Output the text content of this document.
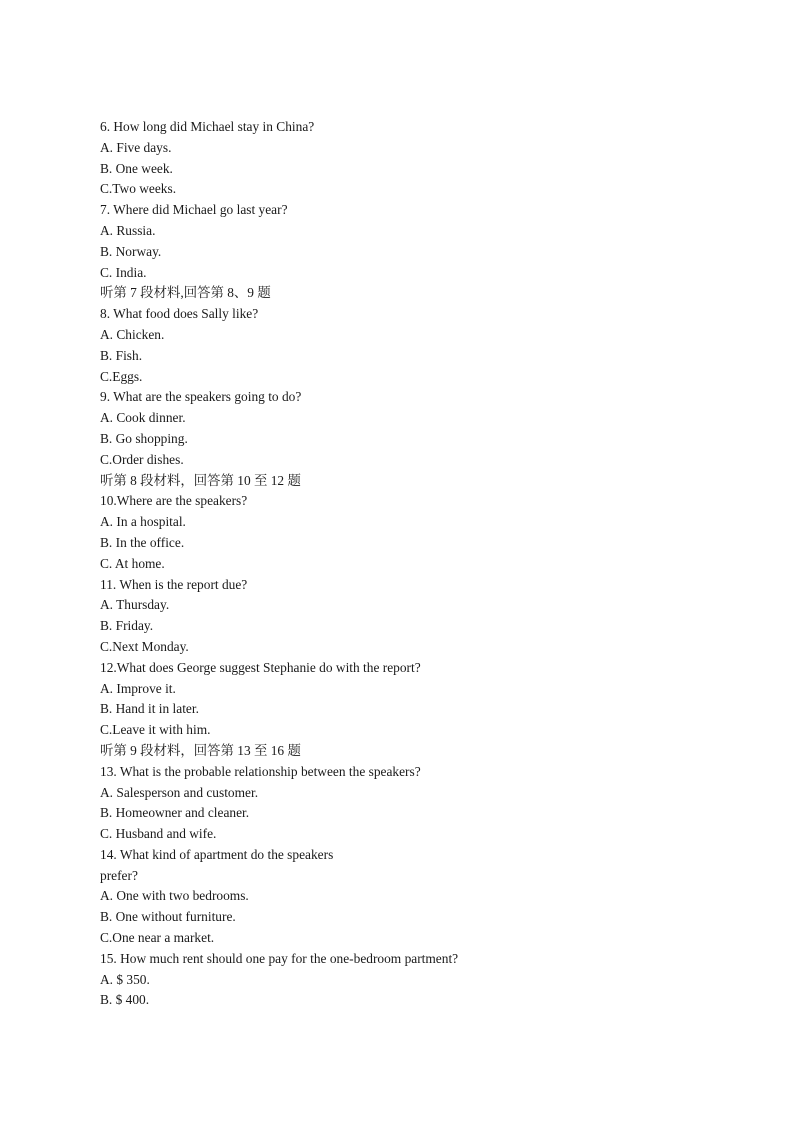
6. How long did Michael stay in China?
A. Five days.
B. One week.
C.Two weeks.
7. Where did Michael go last year?
A. Russia.
B. Norway.
C. India.
听第 7 段材料,回答第 8、9 题
8. What food does Sally like?
A. Chicken.
B. Fish.
C.Eggs.
9. What are the speakers going to do?
A. Cook dinner.
B. Go shopping.
C.Order dishes.
听第 8 段材料，回答第 10 至 12 题
10.Where are the speakers?
A. In a hospital.
B. In the office.
C. At home.
11. When is the report due?
A. Thursday.
B. Friday.
C.Next Monday.
12.What does George suggest Stephanie do with the report?
A. Improve it.
B. Hand it in later.
C.Leave it with him.
听第 9 段材料，回答第 13 至 16 题
13. What is the probable relationship between the speakers?
A. Salesperson and customer.
B. Homeowner and cleaner.
C. Husband and wife.
14. What kind of apartment do the speakers
prefer?
A. One with two bedrooms.
B. One without furniture.
C.One near a market.
15. How much rent should one pay for the one-bedroom partment?
A. $ 350.
B. $ 400.
